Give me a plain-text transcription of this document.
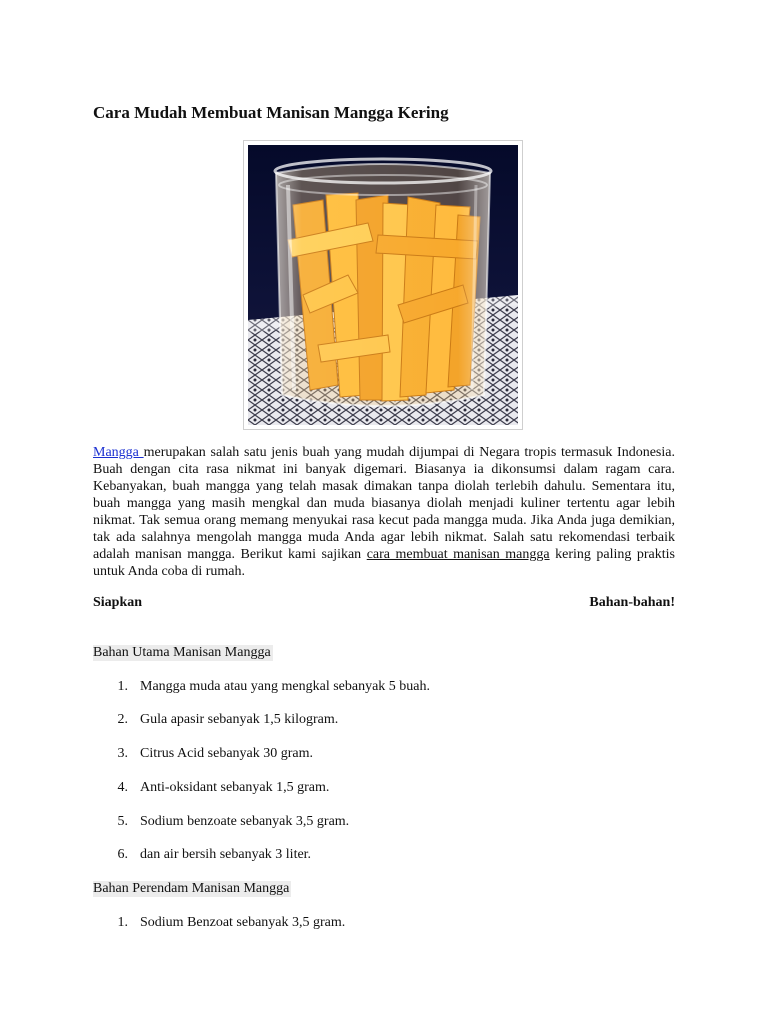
Cara Mudah Membuat Manisan Mangga Kering

Mangga merupakan salah satu jenis buah yang mudah dijumpai di Negara tropis termasuk Indonesia. Buah dengan cita rasa nikmat ini banyak digemari. Biasanya ia dikonsumsi dalam ragam cara. Kebanyakan, buah mangga yang telah masak dimakan tanpa diolah terlebih dahulu. Sementara itu, buah mangga yang masih mengkal dan muda biasanya diolah menjadi kuliner tertentu agar lebih nikmat. Tak semua orang memang menyukai rasa kecut pada mangga muda. Jika Anda juga demikian, tak ada salahnya mengolah mangga muda Anda agar lebih nikmat. Salah satu rekomendasi terbaik adalah manisan mangga. Berikut kami sajikan cara membuat manisan mangga kering paling praktis untuk Anda coba di rumah.

Siapkan	Bahan-bahan!
Bahan Utama Manisan Mangga
1. Mangga muda atau yang mengkal sebanyak 5 buah.
2. Gula apasir sebanyak 1,5 kilogram.
3. Citrus Acid sebanyak 30 gram.
4. Anti-oksidant sebanyak 1,5 gram.
5. Sodium benzoate sebanyak 3,5 gram.
6. dan air bersih sebanyak 3 liter.
Bahan Perendam Manisan Mangga
1. Sodium Benzoat sebanyak 3,5 gram.
